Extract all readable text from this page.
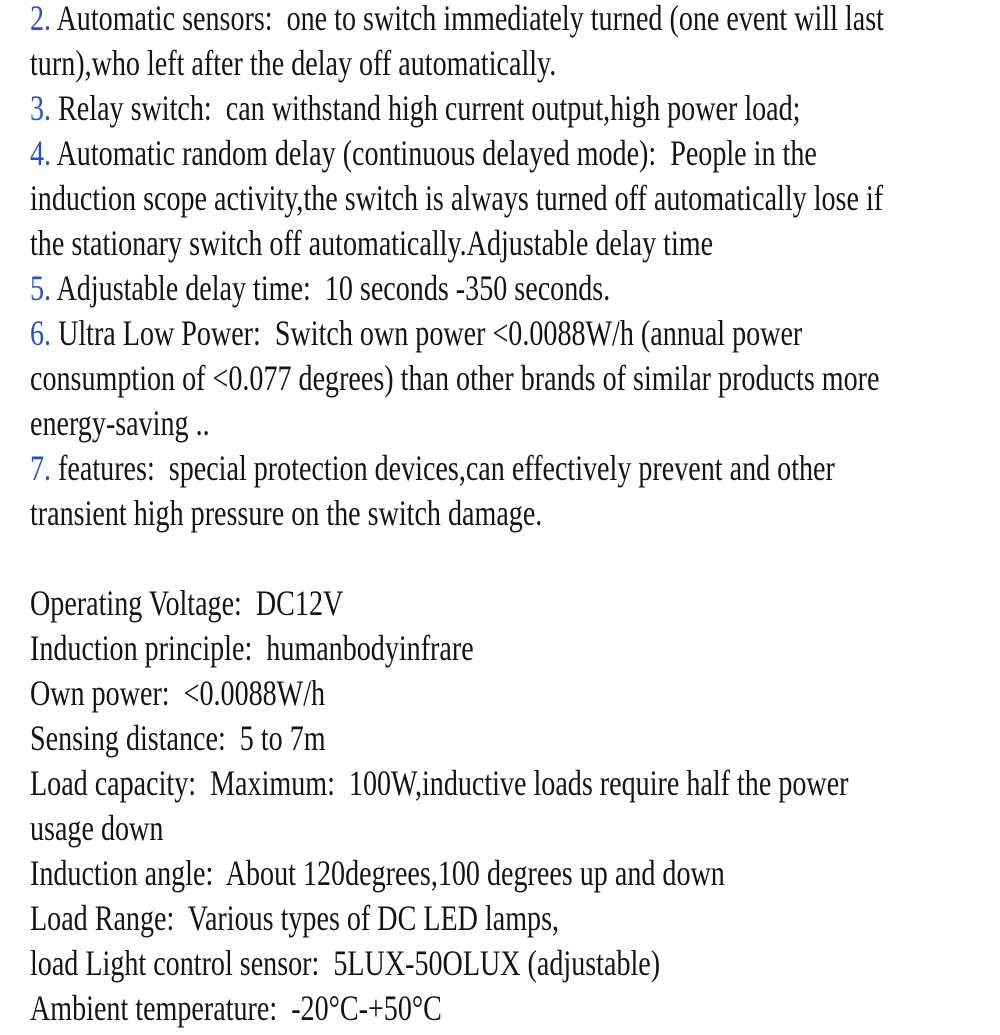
2. Automatic sensors:  one to switch immediately turned (one event will last
turn),who left after the delay off automatically.
3. Relay switch:  can withstand high current output,high power load;
4. Automatic random delay (continuous delayed mode):  People in the
induction scope activity,the switch is always turned off automatically lose if
the stationary switch off automatically.Adjustable delay time
5. Adjustable delay time:  10 seconds -350 seconds.
6. Ultra Low Power:  Switch own power <0.0088W/h (annual power
consumption of <0.077 degrees) than other brands of similar products more
energy-saving ..
7. features:  special protection devices,can effectively prevent and other
transient high pressure on the switch damage.
Operating Voltage:  DC12V
Induction principle:  humanbodyinfrare
Own power:  <0.0088W/h
Sensing distance:  5 to 7m
Load capacity:  Maximum:  100W,inductive loads require half the power
usage down
Induction angle:  About 120degrees,100 degrees up and down
Load Range:  Various types of DC LED lamps,
load Light control sensor:  5LUX-50OLUX (adjustable)
Ambient temperature:  -20°C-+50°C
